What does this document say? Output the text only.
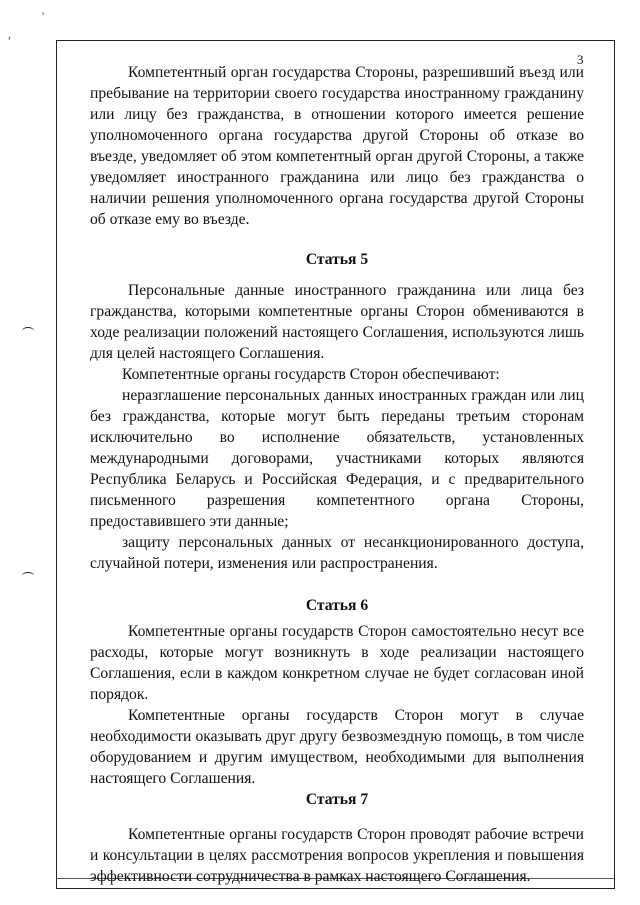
'
,
3

Компетентный орган государства Стороны, разрешивший въезд или пребывание на территории своего государства иностранному гражданину или лицу без гражданства, в отношении которого имеется решение уполномоченного органа государства другой Стороны об отказе во въезде, уведомляет об этом компетентный орган другой Стороны, а также уведомляет иностранного гражданина или лицо без гражданства о наличии решения уполномоченного органа государства другой Стороны об отказе ему во въезде.

Статья 5

Персональные данные иностранного гражданина или лица без гражданства, которыми компетентные органы Сторон обмениваются в ходе реализации положений настоящего Соглашения, используются лишь для целей настоящего Соглашения.

Компетентные органы государств Сторон обеспечивают:

неразглашение персональных данных иностранных граждан или лиц без гражданства, которые могут быть переданы третьим сторонам исключительно во исполнение обязательств, установленных международными договорами, участниками которых являются Республика Беларусь и Российская Федерация, и с предварительного письменного разрешения компетентного органа Стороны, предоставившего эти данные;

защиту персональных данных от несанкционированного доступа, случайной потери, изменения или распространения.

Статья 6

Компетентные органы государств Сторон самостоятельно несут все расходы, которые могут возникнуть в ходе реализации настоящего Соглашения, если в каждом конкретном случае не будет согласован иной порядок.

Компетентные органы государств Сторон могут в случае необходимости оказывать друг другу безвозмездную помощь, в том числе оборудованием и другим имуществом, необходимыми для выполнения настоящего Соглашения.

Статья 7

Компетентные органы государств Сторон проводят рабочие встречи и консультации в целях рассмотрения вопросов укрепления и повышения эффективности сотрудничества в рамках настоящего Соглашения.
